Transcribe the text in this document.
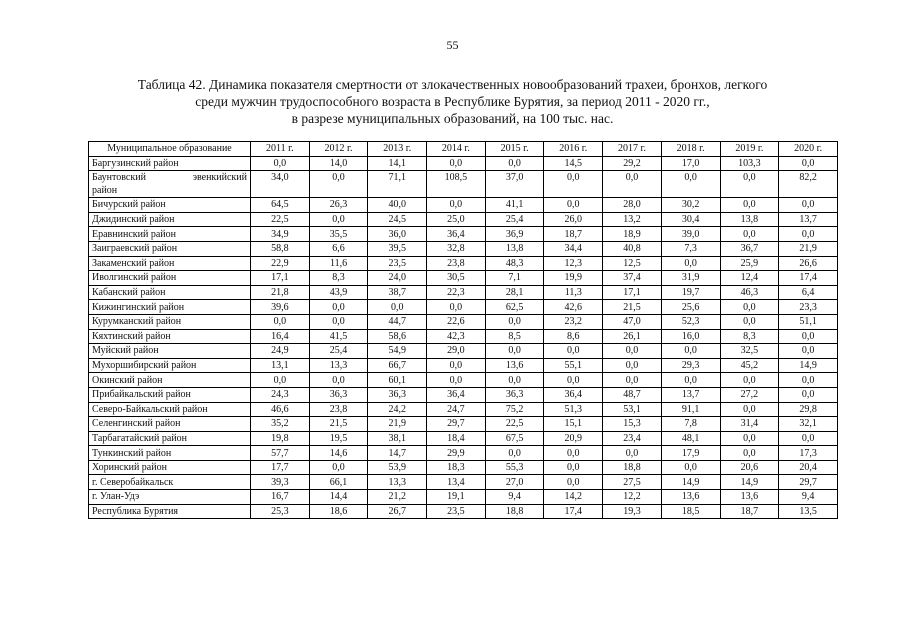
55
Таблица 42. Динамика показателя смертности от злокачественных новообразований трахеи, бронхов, легкого
среди мужчин трудоспособного возраста в Республике Бурятия, за период 2011 - 2020 гг.,
в разрезе муниципальных образований, на 100 тыс. нас.
Муниципальное образование	2011 г.	2012 г.	2013 г.	2014 г.	2015 г.	2016 г.	2017 г.	2018 г.	2019 г.	2020 г.
Баргузинский район	0,0	14,0	14,1	0,0	0,0	14,5	29,2	17,0	103,3	0,0

Баунтовский эвенкийский
район	34,0	0,0	71,1	108,5	37,0	0,0	0,0	0,0	0,0	82,2
Бичурский район	64,5	26,3	40,0	0,0	41,1	0,0	28,0	30,2	0,0	0,0
Джидинский район	22,5	0,0	24,5	25,0	25,4	26,0	13,2	30,4	13,8	13,7
Еравнинский район	34,9	35,5	36,0	36,4	36,9	18,7	18,9	39,0	0,0	0,0
Заиграевский район	58,8	6,6	39,5	32,8	13,8	34,4	40,8	7,3	36,7	21,9
Закаменский район	22,9	11,6	23,5	23,8	48,3	12,3	12,5	0,0	25,9	26,6
Иволгинский район	17,1	8,3	24,0	30,5	7,1	19,9	37,4	31,9	12,4	17,4
Кабанский район	21,8	43,9	38,7	22,3	28,1	11,3	17,1	19,7	46,3	6,4
Кижингинский район	39,6	0,0	0,0	0,0	62,5	42,6	21,5	25,6	0,0	23,3
Курумканский район	0,0	0,0	44,7	22,6	0,0	23,2	47,0	52,3	0,0	51,1
Кяхтинский район	16,4	41,5	58,6	42,3	8,5	8,6	26,1	16,0	8,3	0,0
Муйский район	24,9	25,4	54,9	29,0	0,0	0,0	0,0	0,0	32,5	0,0
Мухоршибирский район	13,1	13,3	66,7	0,0	13,6	55,1	0,0	29,3	45,2	14,9
Окинский район	0,0	0,0	60,1	0,0	0,0	0,0	0,0	0,0	0,0	0,0
Прибайкальский район	24,3	36,3	36,3	36,4	36,3	36,4	48,7	13,7	27,2	0,0
Северо-Байкальский район	46,6	23,8	24,2	24,7	75,2	51,3	53,1	91,1	0,0	29,8
Селенгинский район	35,2	21,5	21,9	29,7	22,5	15,1	15,3	7,8	31,4	32,1
Тарбагатайский район	19,8	19,5	38,1	18,4	67,5	20,9	23,4	48,1	0,0	0,0
Тункинский район	57,7	14,6	14,7	29,9	0,0	0,0	0,0	17,9	0,0	17,3
Хоринский район	17,7	0,0	53,9	18,3	55,3	0,0	18,8	0,0	20,6	20,4
г. Северобайкальск	39,3	66,1	13,3	13,4	27,0	0,0	27,5	14,9	14,9	29,7
г. Улан-Удэ	16,7	14,4	21,2	19,1	9,4	14,2	12,2	13,6	13,6	9,4
Республика Бурятия	25,3	18,6	26,7	23,5	18,8	17,4	19,3	18,5	18,7	13,5
